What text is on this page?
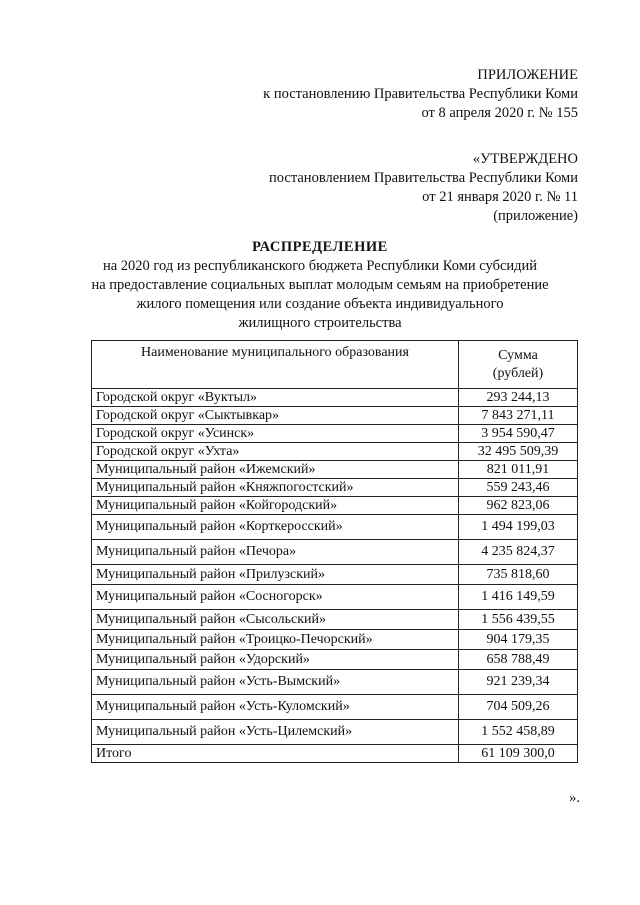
ПРИЛОЖЕНИЕ
к постановлению Правительства Республики Коми
от 8 апреля 2020 г. № 155
«УТВЕРЖДЕНО
постановлением Правительства Республики Коми
от 21 января 2020 г. № 11
(приложение)
РАСПРЕДЕЛЕНИЕ
на 2020 год из республиканского бюджета Республики Коми субсидий
на предоставление социальных выплат молодым семьям на приобретение
жилого помещения или создание объекта индивидуального
жилищного строительства
Наименование муниципального образования	Сумма
(рублей)

Городской округ «Вуктыл»	293 244,13
Городской округ «Сыктывкар»	7 843 271,11
Городской округ «Усинск»	3 954 590,47
Городской округ «Ухта»	32 495 509,39
Муниципальный район «Ижемский»	821 011,91
Муниципальный район «Княжпогостский»	559 243,46
Муниципальный район «Койгородский»	962 823,06
Муниципальный район «Корткеросский»	1 494 199,03
Муниципальный район «Печора»	4 235 824,37
Муниципальный район «Прилузский»	735 818,60
Муниципальный район «Сосногорск»	1 416 149,59
Муниципальный район «Сысольский»	1 556 439,55
Муниципальный район «Троицко-Печорский»	904 179,35
Муниципальный район «Удорский»	658 788,49
Муниципальный район «Усть-Вымский»	921 239,34
Муниципальный район «Усть-Куломский»	704 509,26
Муниципальный район «Усть-Цилемский»	1 552 458,89
Итого	61 109 300,0
».
